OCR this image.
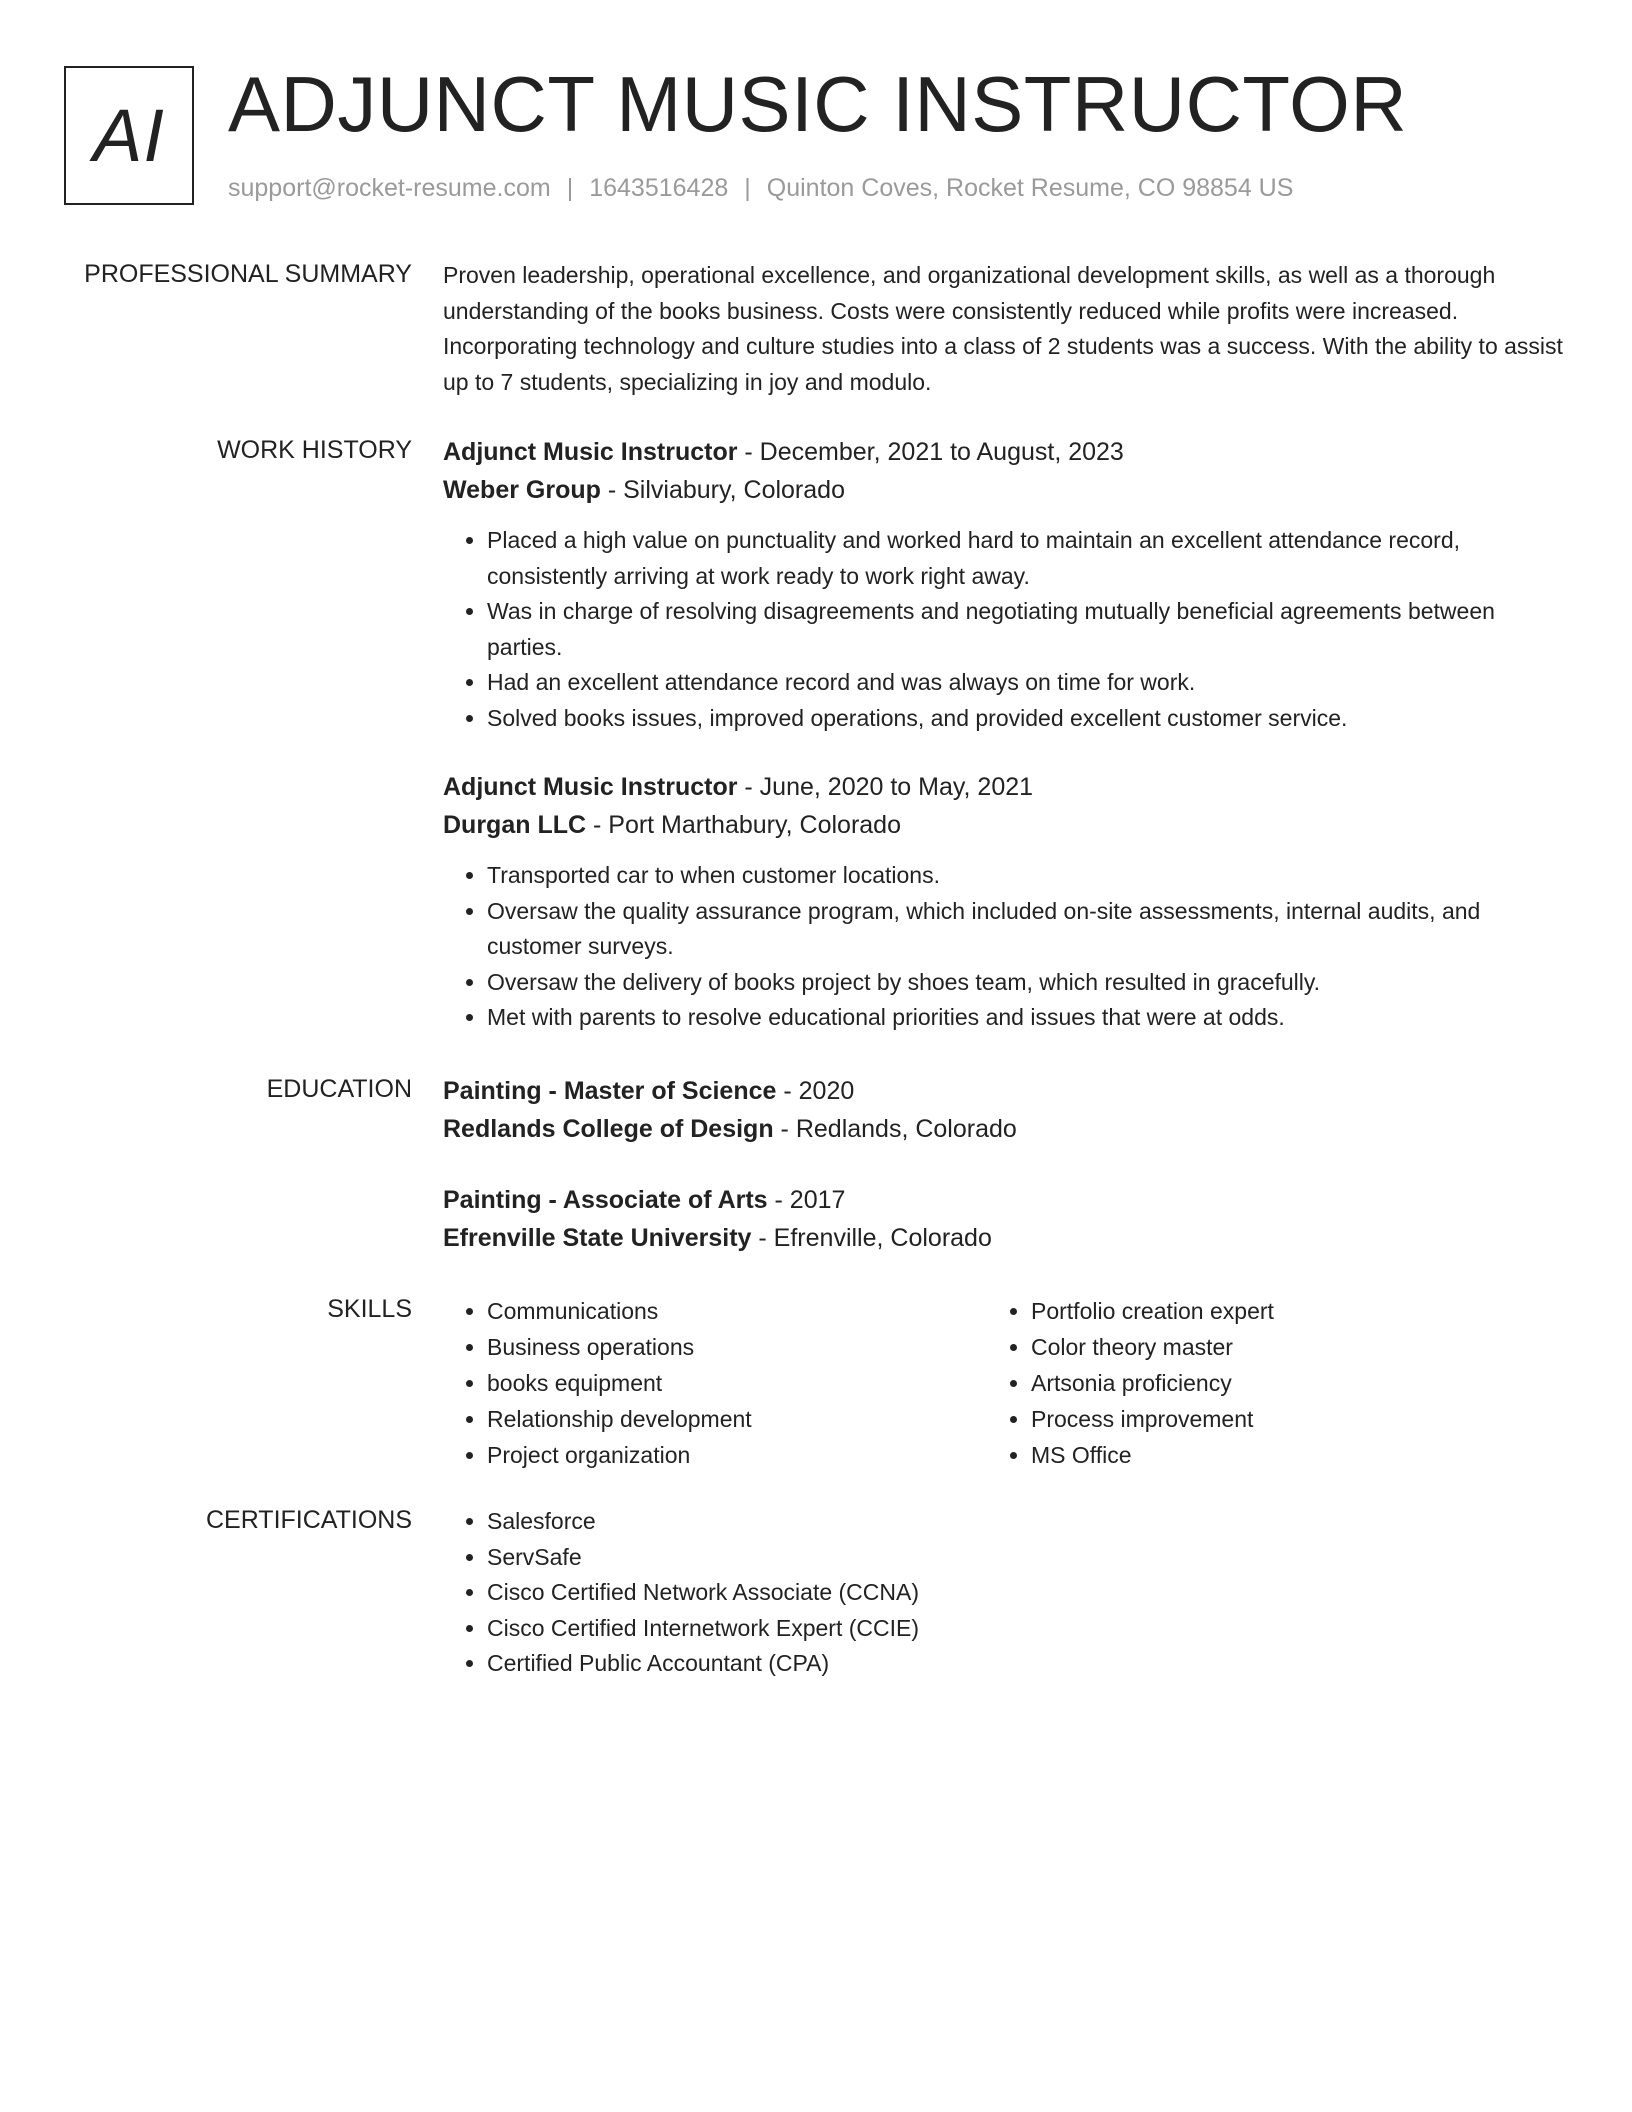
AI ADJUNCT MUSIC INSTRUCTOR
support@rocket-resume.com | 1643516428 | Quinton Coves, Rocket Resume, CO 98854 US
PROFESSIONAL SUMMARY Proven leadership, operational excellence, and organizational development skills, as well as a thorough understanding of the books business. Costs were consistently reduced while profits were increased. Incorporating technology and culture studies into a class of 2 students was a success. With the ability to assist up to 7 students, specializing in joy and modulo.

WORK HISTORY Adjunct Music Instructor - December, 2021 to August, 2023

Weber Group - Silviabury, Colorado

• Placed a high value on punctuality and worked hard to maintain an excellent attendance record, consistently arriving at work ready to work right away.
• Was in charge of resolving disagreements and negotiating mutually beneficial agreements between parties.
• Had an excellent attendance record and was always on time for work.
• Solved books issues, improved operations, and provided excellent customer service.

Adjunct Music Instructor - June, 2020 to May, 2021

Durgan LLC - Port Marthabury, Colorado

• Transported car to when customer locations.
• Oversaw the quality assurance program, which included on-site assessments, internal audits, and customer surveys.
• Oversaw the delivery of books project by shoes team, which resulted in gracefully.
• Met with parents to resolve educational priorities and issues that were at odds.
EDUCATION Painting - Master of Science - 2020

Redlands College of Design - Redlands, Colorado

Painting - Associate of Arts - 2017

Efrenville State University - Efrenville, Colorado

SKILLS	• Communications
• Business operations
• books equipment
• Relationship development
• Project organization
• Portfolio creation expert
• Color theory master
• Artsonia proficiency
• Process improvement
• MS Office
CERTIFICATIONS	• Salesforce
• ServSafe
• Cisco Certified Network Associate (CCNA)
• Cisco Certified Internetwork Expert (CCIE)
• Certified Public Accountant (CPA)
